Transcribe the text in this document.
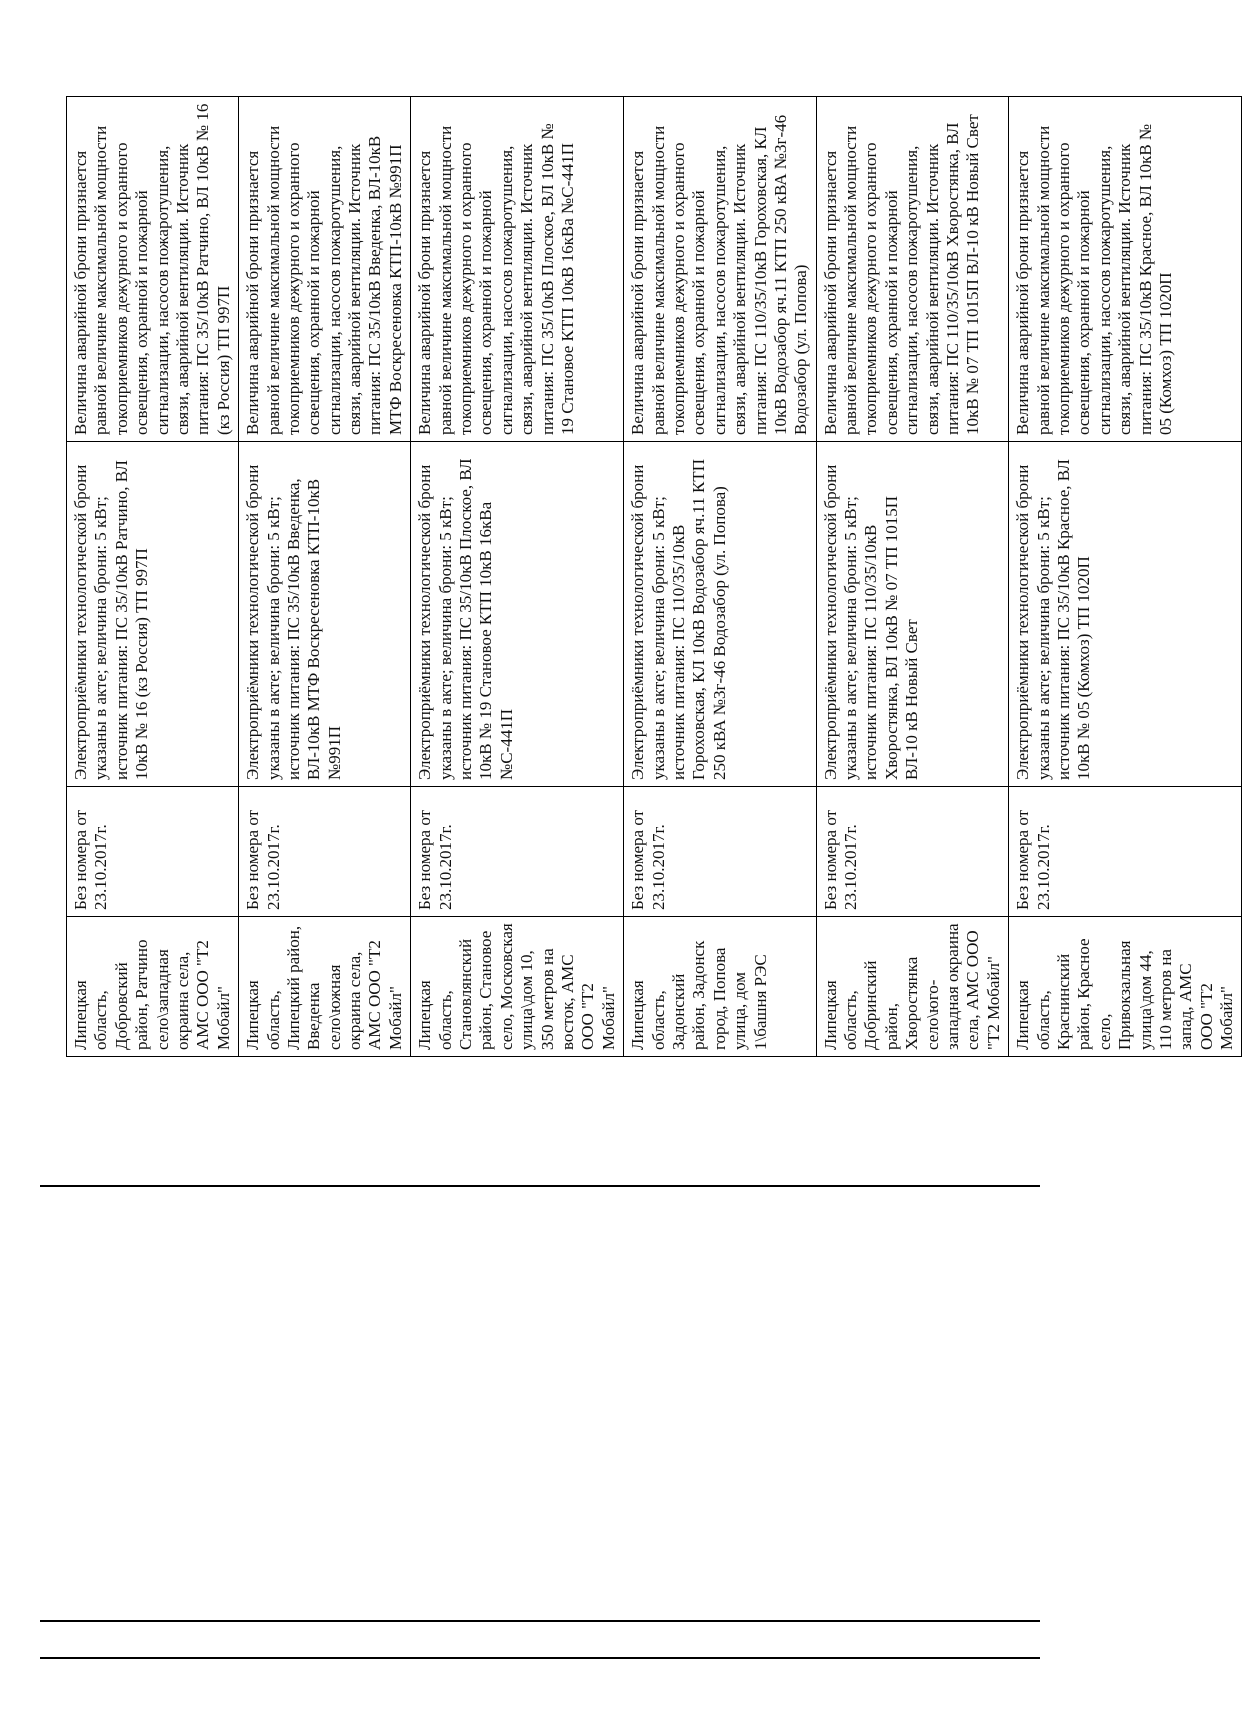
Липецкая область, Добровский район, Ратчино село\западная окраина села, АМС ООО "Т2 Мобайл"	Без номера от 23.10.2017г.	Электроприёмники технологической брони указаны в акте; величина брони: 5 кВт; источник питания: ПС 35/10кВ Ратчино, ВЛ 10кВ № 16 (кз Россия) ТП 997П	Величина аварийной брони признается равной величине максимальной мощности токоприемников дежурного и охранного освещения, охранной и пожарной сигнализации, насосов пожаротушения, связи, аварийной вентиляции. Источник питания: ПС 35/10кВ Ратчино, ВЛ 10кВ № 16 (кз Россия) ТП 997П
Липецкая область, Липецкий район, Введенка село\южная окраина села, АМС ООО "Т2 Мобайл"	Без номера от 23.10.2017г.	Электроприёмники технологической брони указаны в акте; величина брони: 5 кВт; источник питания: ПС 35/10кВ Введенка, ВЛ-10кВ МТФ Воскресеновка КТП-10кВ №991П	Величина аварийной брони признается равной величине максимальной мощности токоприемников дежурного и охранного освещения, охранной и пожарной сигнализации, насосов пожаротушения, связи, аварийной вентиляции. Источник питания: ПС 35/10кВ Введенка, ВЛ-10кВ МТФ Воскресеновка КТП-10кВ №991П
Липецкая область, Становлянский район, Становое село, Московская улица\дом 10, 350 метров на восток, АМС ООО "Т2 Мобайл"	Без номера от 23.10.2017г.	Электроприёмники технологической брони указаны в акте; величина брони: 5 кВт; источник питания: ПС 35/10кВ Плоское, ВЛ 10кВ № 19 Становое КТП 10кВ 16кВа №С-441П	Величина аварийной брони признается равной величине максимальной мощности токоприемников дежурного и охранного освещения, охранной и пожарной сигнализации, насосов пожаротушения, связи, аварийной вентиляции. Источник питания: ПС 35/10кВ Плоское, ВЛ 10кВ № 19 Становое КТП 10кВ 16кВа №С-441П
Липецкая область, Задонский район, Задонск город, Попова улица, дом 1\башня РЭС	Без номера от 23.10.2017г.	Электроприёмники технологической брони указаны в акте; величина брони: 5 кВт; источник питания: ПС 110/35/10кВ Гороховская, КЛ 10кВ Водозабор яч.11 КТП 250 кВА №3г-46 Водозабор (ул. Попова)	Величина аварийной брони признается равной величине максимальной мощности токоприемников дежурного и охранного освещения, охранной и пожарной сигнализации, насосов пожаротушения, связи, аварийной вентиляции. Источник питания: ПС 110/35/10кВ Гороховская, КЛ 10кВ Водозабор яч.11 КТП 250 кВА №3г-46 Водозабор (ул. Попова)
Липецкая область, Добринский район, Хворостянка село\юго-западная окраина села, АМС ООО "Т2 Мобайл"	Без номера от 23.10.2017г.	Электроприёмники технологической брони указаны в акте; величина брони: 5 кВт; источник питания: ПС 110/35/10кВ Хворостянка, ВЛ 10кВ № 07 ТП 1015П ВЛ-10 кВ Новый Свет	Величина аварийной брони признается равной величине максимальной мощности токоприемников дежурного и охранного освещения, охранной и пожарной сигнализации, насосов пожаротушения, связи, аварийной вентиляции. Источник питания: ПС 110/35/10кВ Хворостянка, ВЛ 10кВ № 07 ТП 1015П ВЛ-10 кВ Новый Свет
Липецкая область, Краснинский район, Красное село, Привокзальная улица\дом 44, 110 метров на запад, АМС ООО "Т2 Мобайл"	Без номера от 23.10.2017г.	Электроприёмники технологической брони указаны в акте; величина брони: 5 кВт; источник питания: ПС 35/10кВ Красное, ВЛ 10кВ № 05 (Комхоз) ТП 1020П	Величина аварийной брони признается равной величине максимальной мощности токоприемников дежурного и охранного освещения, охранной и пожарной сигнализации, насосов пожаротушения, связи, аварийной вентиляции. Источник питания: ПС 35/10кВ Красное, ВЛ 10кВ № 05 (Комхоз) ТП 1020П
